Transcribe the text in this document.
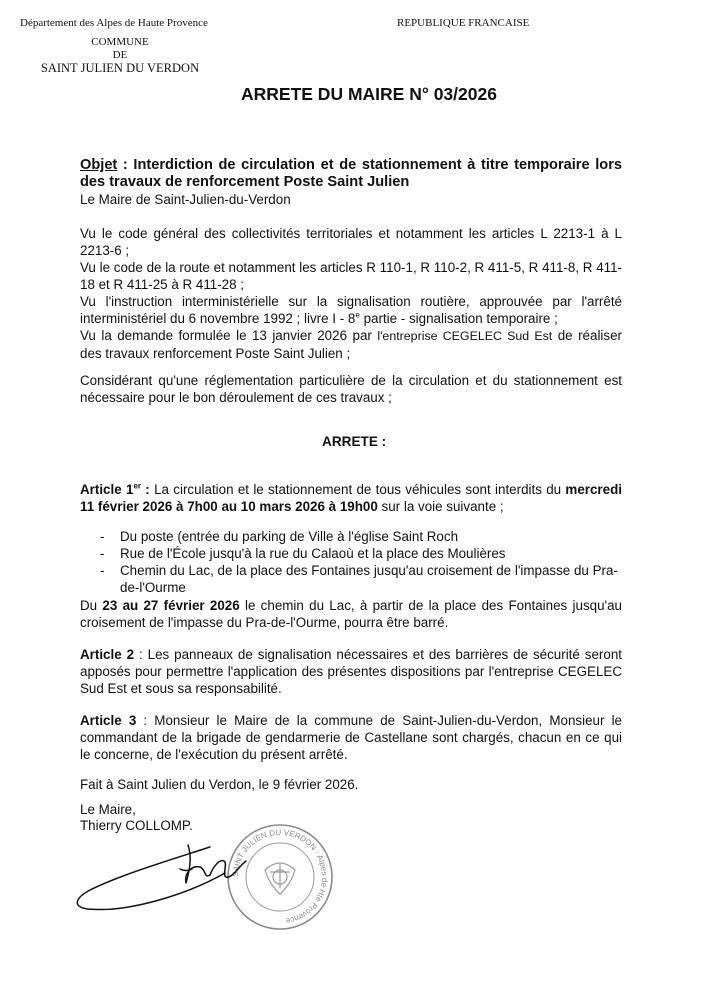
Département des Alpes de Haute Provence	REPUBLIQUE FRANCAISE
COMMUNE
DE
SAINT JULIEN DU VERDON
ARRETE DU MAIRE N° 03/2026

Objet : Interdiction de circulation et de stationnement à titre temporaire lors des travaux de renforcement Poste Saint Julien

Le Maire de Saint-Julien-du-Verdon

Vu le code général des collectivités territoriales et notamment les articles L 2213-1 à L 2213-6 ;

Vu le code de la route et notamment les articles R 110-1, R 110-2, R 411-5, R 411-8, R 411-18 et R 411-25 à R 411-28 ;

Vu l'instruction interministérielle sur la signalisation routière, approuvée par l'arrêté interministériel du 6 novembre 1992 ; livre I - 8e partie - signalisation temporaire ;

Vu la demande formulée le 13 janvier 2026 par l'entreprise CEGELEC Sud Est de réaliser des travaux renforcement Poste Saint Julien ;

Considérant qu'une réglementation particulière de la circulation et du stationnement est nécessaire pour le bon déroulement de ces travaux ;

ARRETE :

Article 1er : La circulation et le stationnement de tous véhicules sont interdits du mercredi 11 février 2026 à 7h00 au 10 mars 2026 à 19h00 sur la voie suivante ;

- Du poste (entrée du parking de Ville à l'église Saint Roch
- Rue de l'École jusqu'à la rue du Calaoù et la place des Moulières
- Chemin du Lac, de la place des Fontaines jusqu'au croisement de l'impasse du Pra-de-l'Ourme

Du 23 au 27 février 2026 le chemin du Lac, à partir de la place des Fontaines jusqu'au croisement de l'impasse du Pra-de-l'Ourme, pourra être barré.

Article 2 : Les panneaux de signalisation nécessaires et des barrières de sécurité seront apposés pour permettre l'application des présentes dispositions par l'entreprise CEGELEC Sud Est et sous sa responsabilité.

Article 3 : Monsieur le Maire de la commune de Saint-Julien-du-Verdon, Monsieur le commandant de la brigade de gendarmerie de Castellane sont chargés, chacun en ce qui le concerne, de l'exécution du présent arrêté.

Fait à Saint Julien du Verdon, le 9 février 2026.

Le Maire,
Thierry COLLOMP.
SAINT JULIEN DU VERDON · Alpes de Hte Provence
